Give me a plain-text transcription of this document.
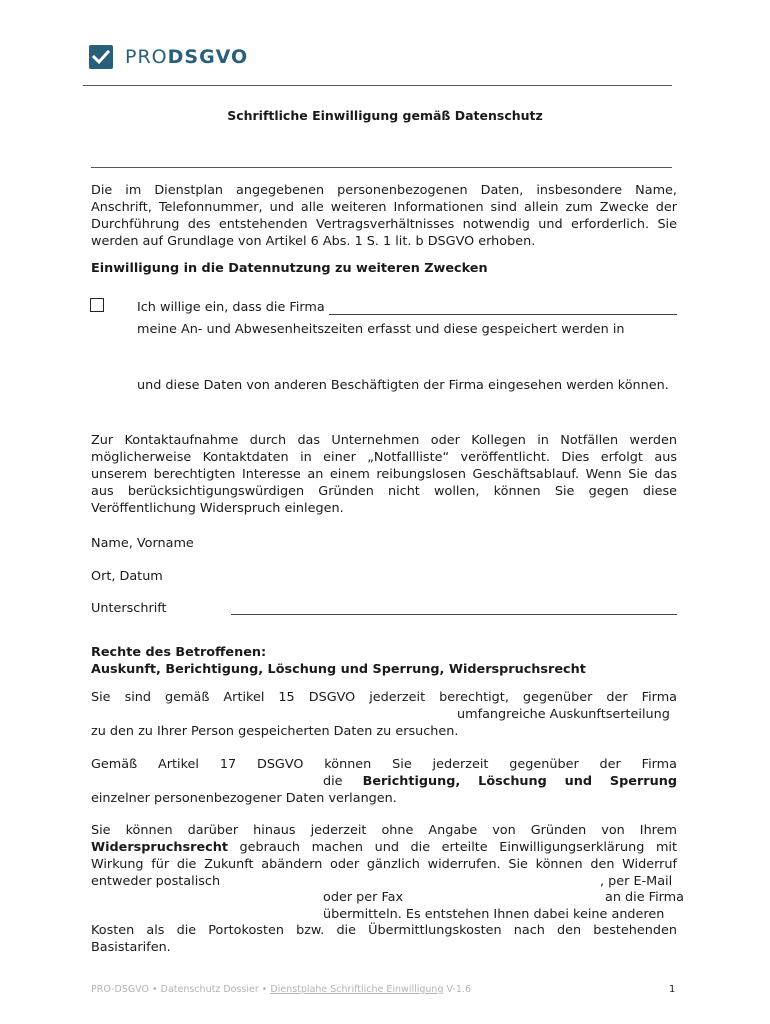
PRODSGVO
Schriftliche Einwilligung gemäß Datenschutz
Die im Dienstplan angegebenen personenbezogenen Daten, insbesondere Name, Anschrift, Telefonnummer, und alle weiteren Informationen sind allein zum Zwecke der Durchführung des entstehenden Vertragsverhältnisses notwendig und erforderlich. Sie werden auf Grundlage von Artikel 6 Abs. 1 S. 1 lit. b DSGVO erhoben.
Einwilligung in die Datennutzung zu weiteren Zwecken
Ich willige ein, dass die Firma
meine An- und Abwesenheitszeiten erfasst und diese gespeichert werden in
und diese Daten von anderen Beschäftigten der Firma eingesehen werden können.
Zur Kontaktaufnahme durch das Unternehmen oder Kollegen in Notfällen werden möglicherweise Kontaktdaten in einer „Notfallliste“ veröffentlicht. Dies erfolgt aus unserem berechtigten Interesse an einem reibungslosen Geschäftsablauf. Wenn Sie das aus berücksichtigungswürdigen Gründen nicht wollen, können Sie gegen diese Veröffentlichung Widerspruch einlegen.
Name, Vorname
Ort, Datum
Unterschrift
Rechte des Betroffenen:
Auskunft, Berichtigung, Löschung und Sperrung, Widerspruchsrecht
Sie sind gemäß Artikel 15 DSGVO jederzeit berechtigt, gegenüber der Firma
umfangreiche Auskunftserteilung
zu den zu Ihrer Person gespeicherten Daten zu ersuchen.
Gemäß Artikel 17 DSGVO können Sie jederzeit gegenüber der Firma
die Berichtigung, Löschung und Sperrung
einzelner personenbezogener Daten verlangen.
Sie können darüber hinaus jederzeit ohne Angabe von Gründen von Ihrem
Widerspruchsrecht gebrauch machen und die erteilte Einwilligungserklärung mit
Wirkung für die Zukunft abändern oder gänzlich widerrufen. Sie können den Widerruf
entweder postalisch	, per E-Mail
oder per Fax	an die Firma
übermitteln. Es entstehen Ihnen dabei keine anderen
Kosten als die Portokosten bzw. die Übermittlungskosten nach den bestehenden Basistarifen.
PRO-DSGVO • Datenschutz Dossier • Dienstplahe Schriftliche Einwilligung V-1.6	1
